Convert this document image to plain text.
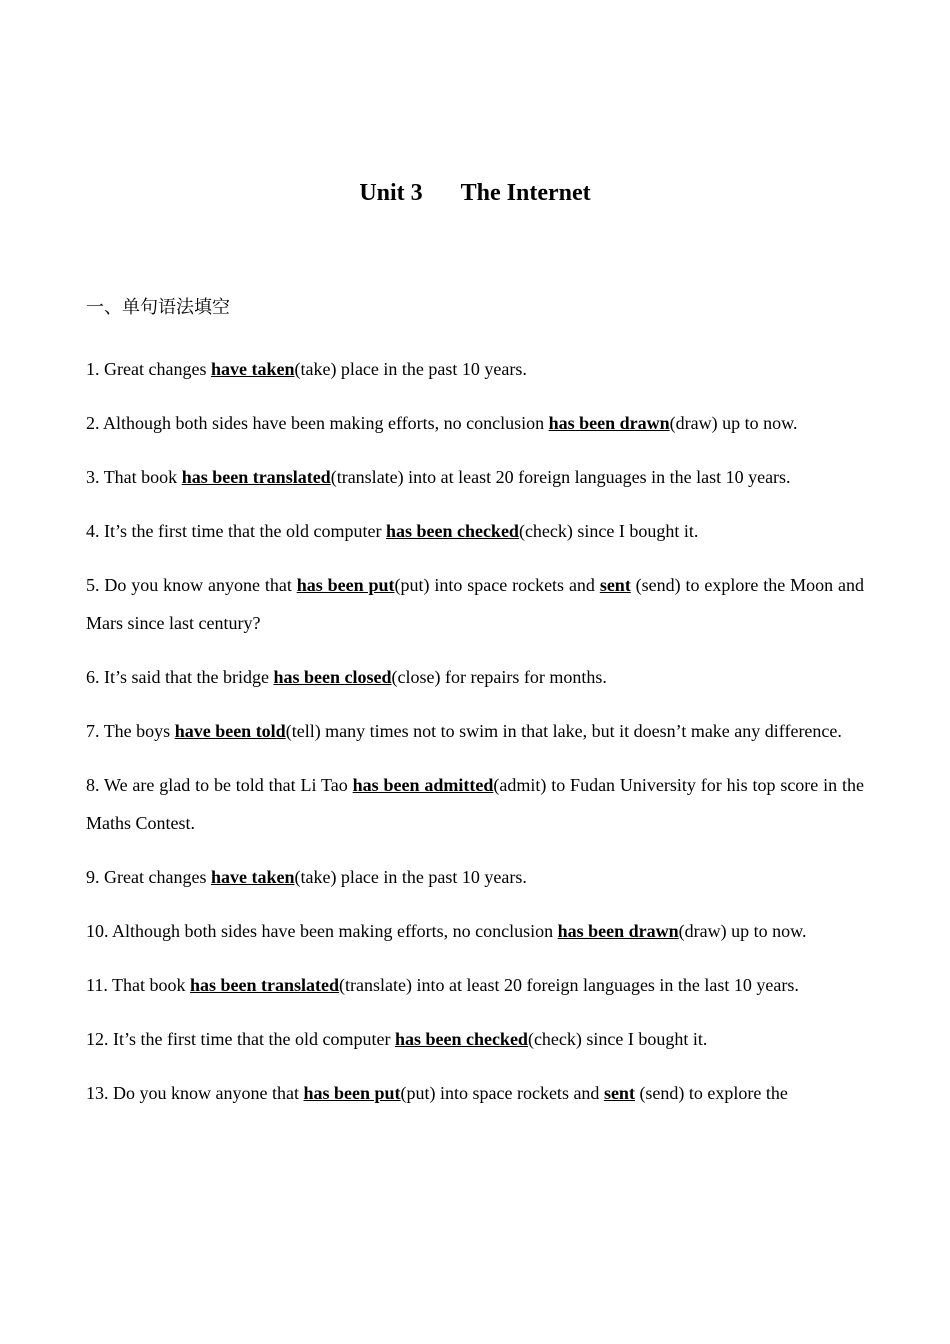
Unit 3 The Internet
一、单句语法填空

1. Great changes have taken(take) place in the past 10 years.

2. Although both sides have been making efforts, no conclusion has been drawn(draw) up to now.

3. That book has been translated(translate) into at least 20 foreign languages in the last 10 years.

4. It’s the first time that the old computer has been checked(check) since I bought it.

5. Do you know anyone that has been put(put) into space rockets and sent (send) to explore the Moon and Mars since last century?

6. It’s said that the bridge has been closed(close) for repairs for months.

7. The boys have been told(tell) many times not to swim in that lake, but it doesn’t make any difference.

8. We are glad to be told that Li Tao has been admitted(admit) to Fudan University for his top score in the Maths Contest.

9. Great changes have taken(take) place in the past 10 years.

10. Although both sides have been making efforts, no conclusion has been drawn(draw) up to now.

11. That book has been translated(translate) into at least 20 foreign languages in the last 10 years.

12. It’s the first time that the old computer has been checked(check) since I bought it.

13. Do you know anyone that has been put(put) into space rockets and sent (send) to explore the
